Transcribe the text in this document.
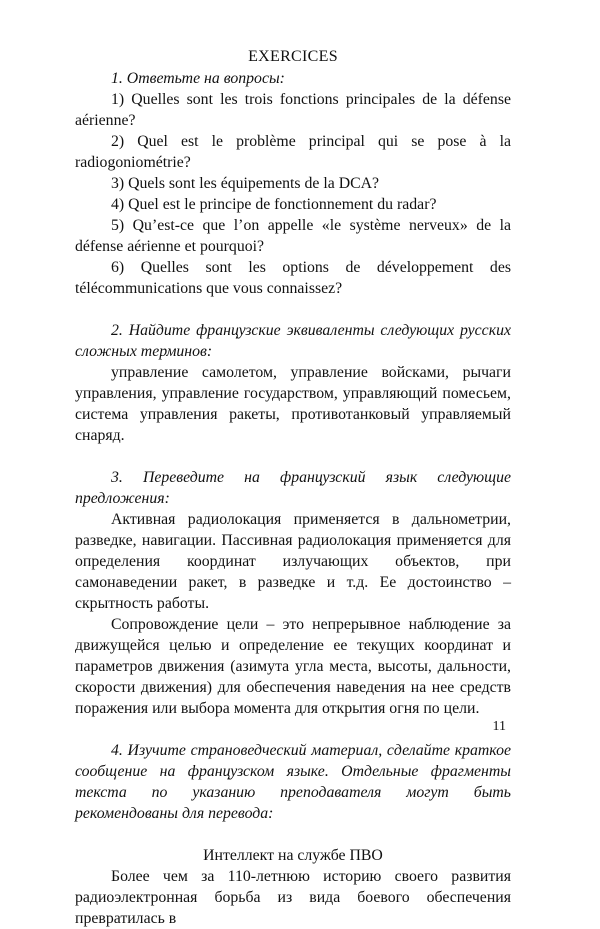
EXERCICES

1. Ответьте на вопросы:

1) Quelles sont les trois fonctions principales de la défense aérienne?

2) Quel est le problème principal qui se pose à la radiogoniométrie?

3) Quels sont les équipements de la DCA?

4) Quel est le principe de fonctionnement du radar?

5) Qu’est-ce que l’on appelle «le système nerveux» de la défense aérienne et pourquoi?

6) Quelles sont les options de développement des télécommunications que vous connaissez?

2. Найдите французские эквиваленты следующих русских сложных терминов:

управление самолетом, управление войсками, рычаги управления, управление государством, управляющий помесьем, система управления ракеты, противотанковый управляемый снаряд.

3. Переведите на французский язык следующие предложения:

Активная радиолокация применяется в дальнометрии, разведке, навигации. Пассивная радиолокация применяется для определения координат излучающих объектов, при самонаведении ракет, в разведке и т.д. Ее достоинство – скрытность работы.

Сопровождение цели – это непрерывное наблюдение за движущейся целью и определение ее текущих координат и параметров движения (азимута угла места, высоты, дальности, скорости движения) для обеспечения наведения на нее средств поражения или выбора момента для открытия огня по цели.

4. Изучите страноведческий материал, сделайте краткое сообщение на французском языке. Отдельные фрагменты текста по указанию преподавателя могут быть рекомендованы для перевода:

Интеллект на службе ПВО

Более чем за 110-летнюю историю своего развития радиоэлектронная борьба из вида боевого обеспечения превратилась в

11
